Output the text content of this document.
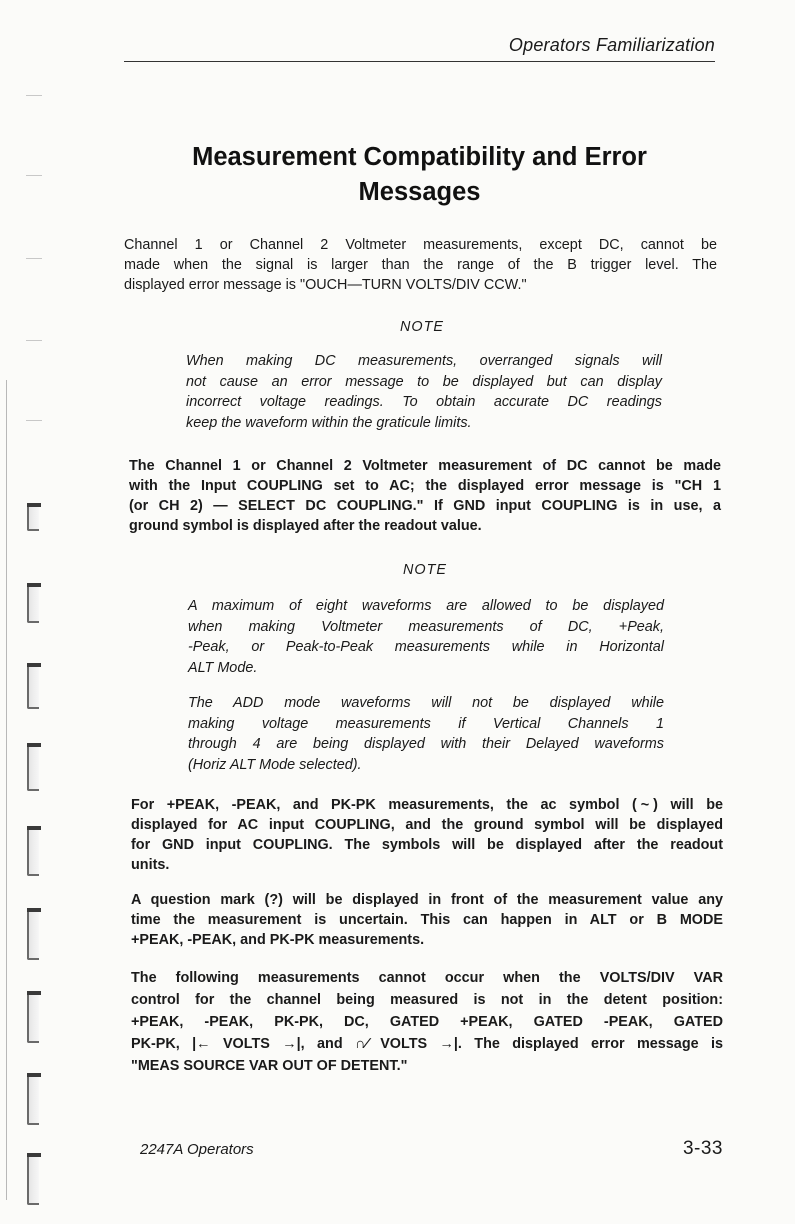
Operators Familiarization
Measurement Compatibility and Error
Messages
Channel 1 or Channel 2 Voltmeter measurements, except DC, cannot be
made when the signal is larger than the range of the B trigger level. The
displayed error message is "OUCH—TURN VOLTS/DIV CCW."
NOTE
When making DC measurements, overranged signals will
not cause an error message to be displayed but can display
incorrect voltage readings. To obtain accurate DC readings
keep the waveform within the graticule limits.
The Channel 1 or Channel 2 Voltmeter measurement of DC cannot be made
with the Input COUPLING set to AC; the displayed error message is "CH 1
(or CH 2) — SELECT DC COUPLING." If GND input COUPLING is in use, a
ground symbol is displayed after the readout value.
NOTE
A maximum of eight waveforms are allowed to be displayed
when making Voltmeter measurements of DC, +Peak,
-Peak, or Peak-to-Peak measurements while in Horizontal
ALT Mode.
The ADD mode waveforms will not be displayed while
making voltage measurements if Vertical Channels 1
through 4 are being displayed with their Delayed waveforms
(Horiz ALT Mode selected).
For +PEAK, -PEAK, and PK-PK measurements, the ac symbol ( ~ ) will be
displayed for AC input COUPLING, and the ground symbol will be displayed
for GND input COUPLING. The symbols will be displayed after the readout
units.
A question mark (?) will be displayed in front of the measurement value any
time the measurement is uncertain. This can happen in ALT or B MODE
+PEAK, -PEAK, and PK-PK measurements.
The following measurements cannot occur when the VOLTS/DIV VAR
control for the channel being measured is not in the detent position:
+PEAK, -PEAK, PK-PK, DC, GATED +PEAK, GATED -PEAK, GATED
PK-PK, |← VOLTS →|, and ∩∕ VOLTS →|. The displayed error message is
"MEAS SOURCE VAR OUT OF DETENT."
2247A Operators	3-33
